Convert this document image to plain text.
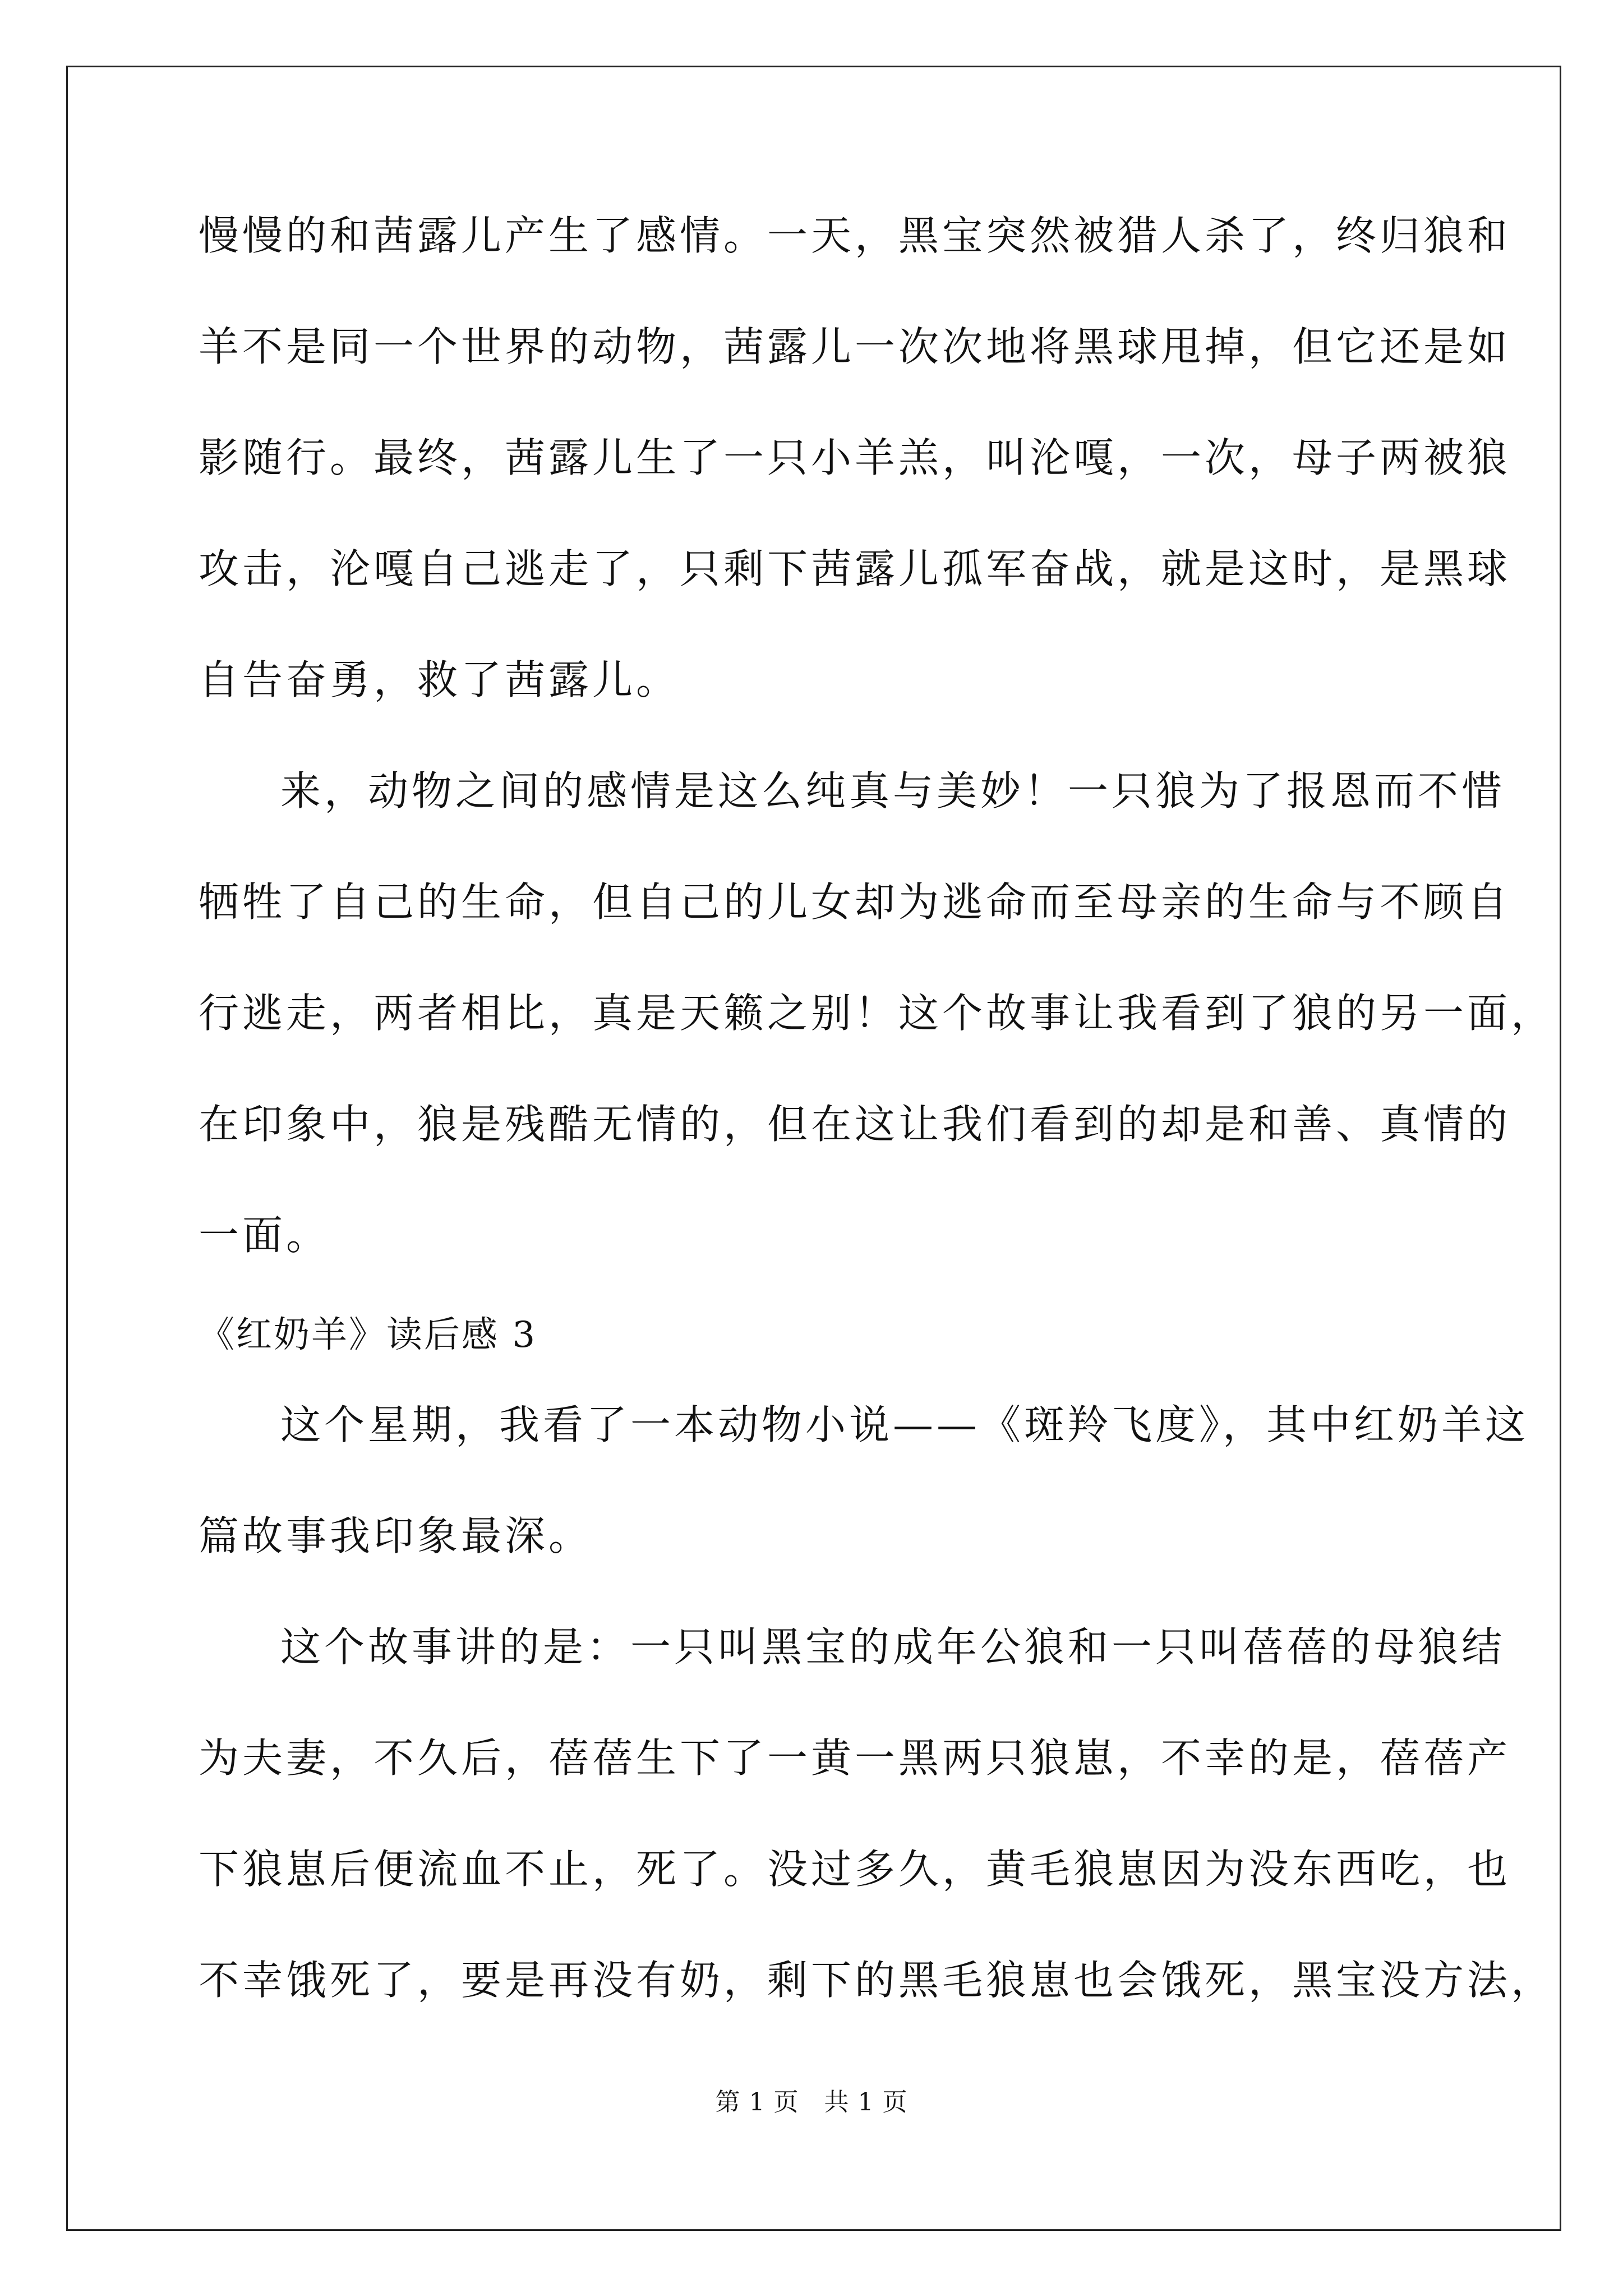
慢慢的和茜露儿产生了感情。一天，黑宝突然被猎人杀了，终归狼和
羊不是同一个世界的动物，茜露儿一次次地将黑球甩掉，但它还是如
影随行。最终，茜露儿生了一只小羊羔，叫沦嘎，一次，母子两被狼
攻击，沦嘎自己逃走了，只剩下茜露儿孤军奋战，就是这时，是黑球
自告奋勇，救了茜露儿。
来，动物之间的感情是这么纯真与美妙！一只狼为了报恩而不惜
牺牲了自己的生命，但自己的儿女却为逃命而至母亲的生命与不顾自
行逃走，两者相比，真是天籁之别！这个故事让我看到了狼的另一面，
在印象中，狼是残酷无情的，但在这让我们看到的却是和善、真情的
一面。
《红奶羊》读后感 3
这个星期，我看了一本动物小说——《斑羚飞度》，其中红奶羊这
篇故事我印象最深。
这个故事讲的是：一只叫黑宝的成年公狼和一只叫蓓蓓的母狼结
为夫妻，不久后，蓓蓓生下了一黄一黑两只狼崽，不幸的是，蓓蓓产
下狼崽后便流血不止，死了。没过多久，黄毛狼崽因为没东西吃，也
不幸饿死了，要是再没有奶，剩下的黑毛狼崽也会饿死，黑宝没方法，
第 1 页　共 1 页
